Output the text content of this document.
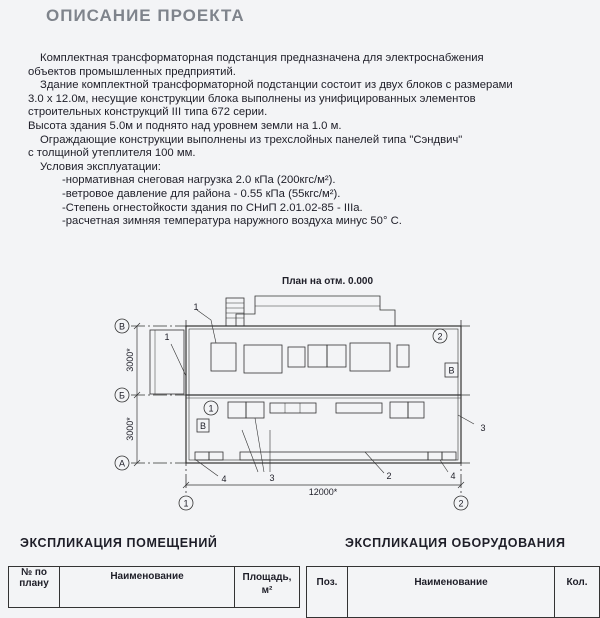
ОПИСАНИЕ ПРОЕКТА

Комплектная трансформаторная подстанция предназначена для электроснабжения

объектов промышленных предприятий.

Здание комплектной трансформаторной подстанции состоит из двух блоков с размерами

3.0 х 12.0м, несущие конструкции блока выполнены из унифицированных элементов

строительных конструкций III типа 672 серии.

Высота здания 5.0м и поднято над уровнем земли на 1.0 м.

Ограждающие конструкции выполнены из трехслойных панелей типа "Сэндвич"

с толщиной утеплителя 100 мм.

Условия эксплуатации:

-нормативная снеговая нагрузка 2.0 кПа (200кгс/м²).

-ветровое давление для района - 0.55 кПа (55кгс/м²).

-Степень огнестойкости здания по СНиП 2.01.02-85 - IIIa.

-расчетная зимняя температура наружного воздуха минус 50° С.

План на отм. 0.000
В
Б
А
1	2
2
1
В
В
1
1
3	2	4
4
3
12000*
3000*
3000*
ЭКСПЛИКАЦИЯ ПОМЕЩЕНИЙ	ЭКСПЛИКАЦИЯ ОБОРУДОВАНИЯ
№ по плану	Наименование	Площадь, м²
Поз.	Наименование	Кол.
